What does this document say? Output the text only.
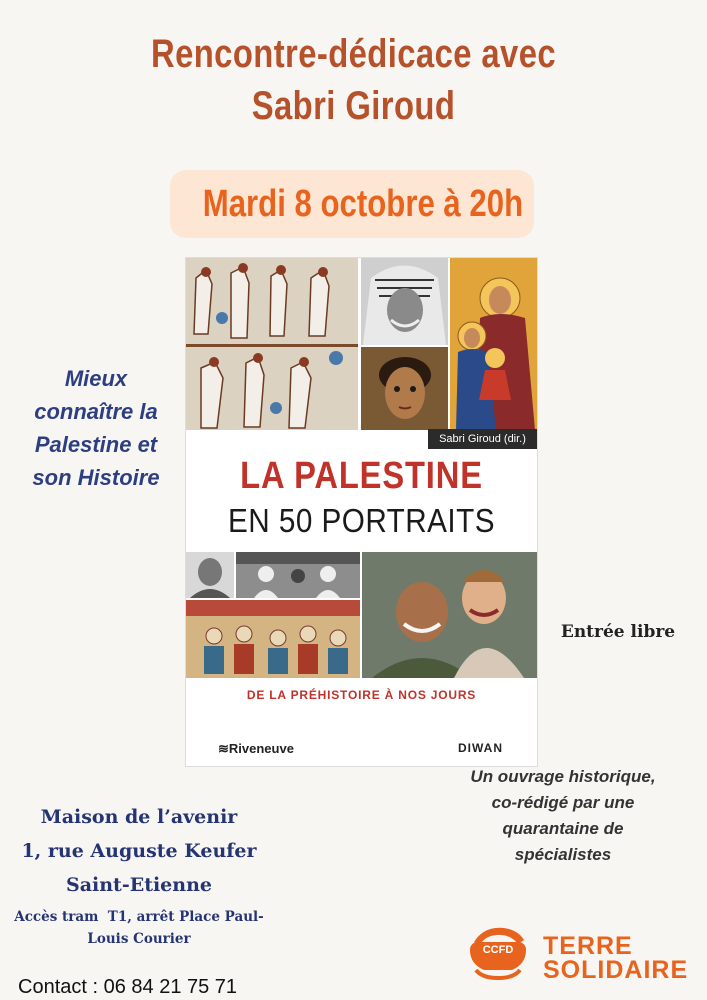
Rencontre-dédicace avec
Sabri Giroud
Mardi 8 octobre à 20h
Mieux
connaître la
Palestine et
son Histoire
Sabri Giroud (dir.)
LA PALESTINE
EN 50 PORTRAITS
DE LA PRÉHISTOIRE À NOS JOURS
≋Riveneuve	DIWAN
Entrée libre
Un ouvrage historique,
co-rédigé par une
quarantaine de
spécialistes
Maison de l’avenir
1, rue Auguste Keufer
Saint-Etienne
Accès tram  T1, arrêt Place Paul-
Louis Courier
Contact : 06 84 21 75 71
CCFD TERRE
SOLIDAIRE
